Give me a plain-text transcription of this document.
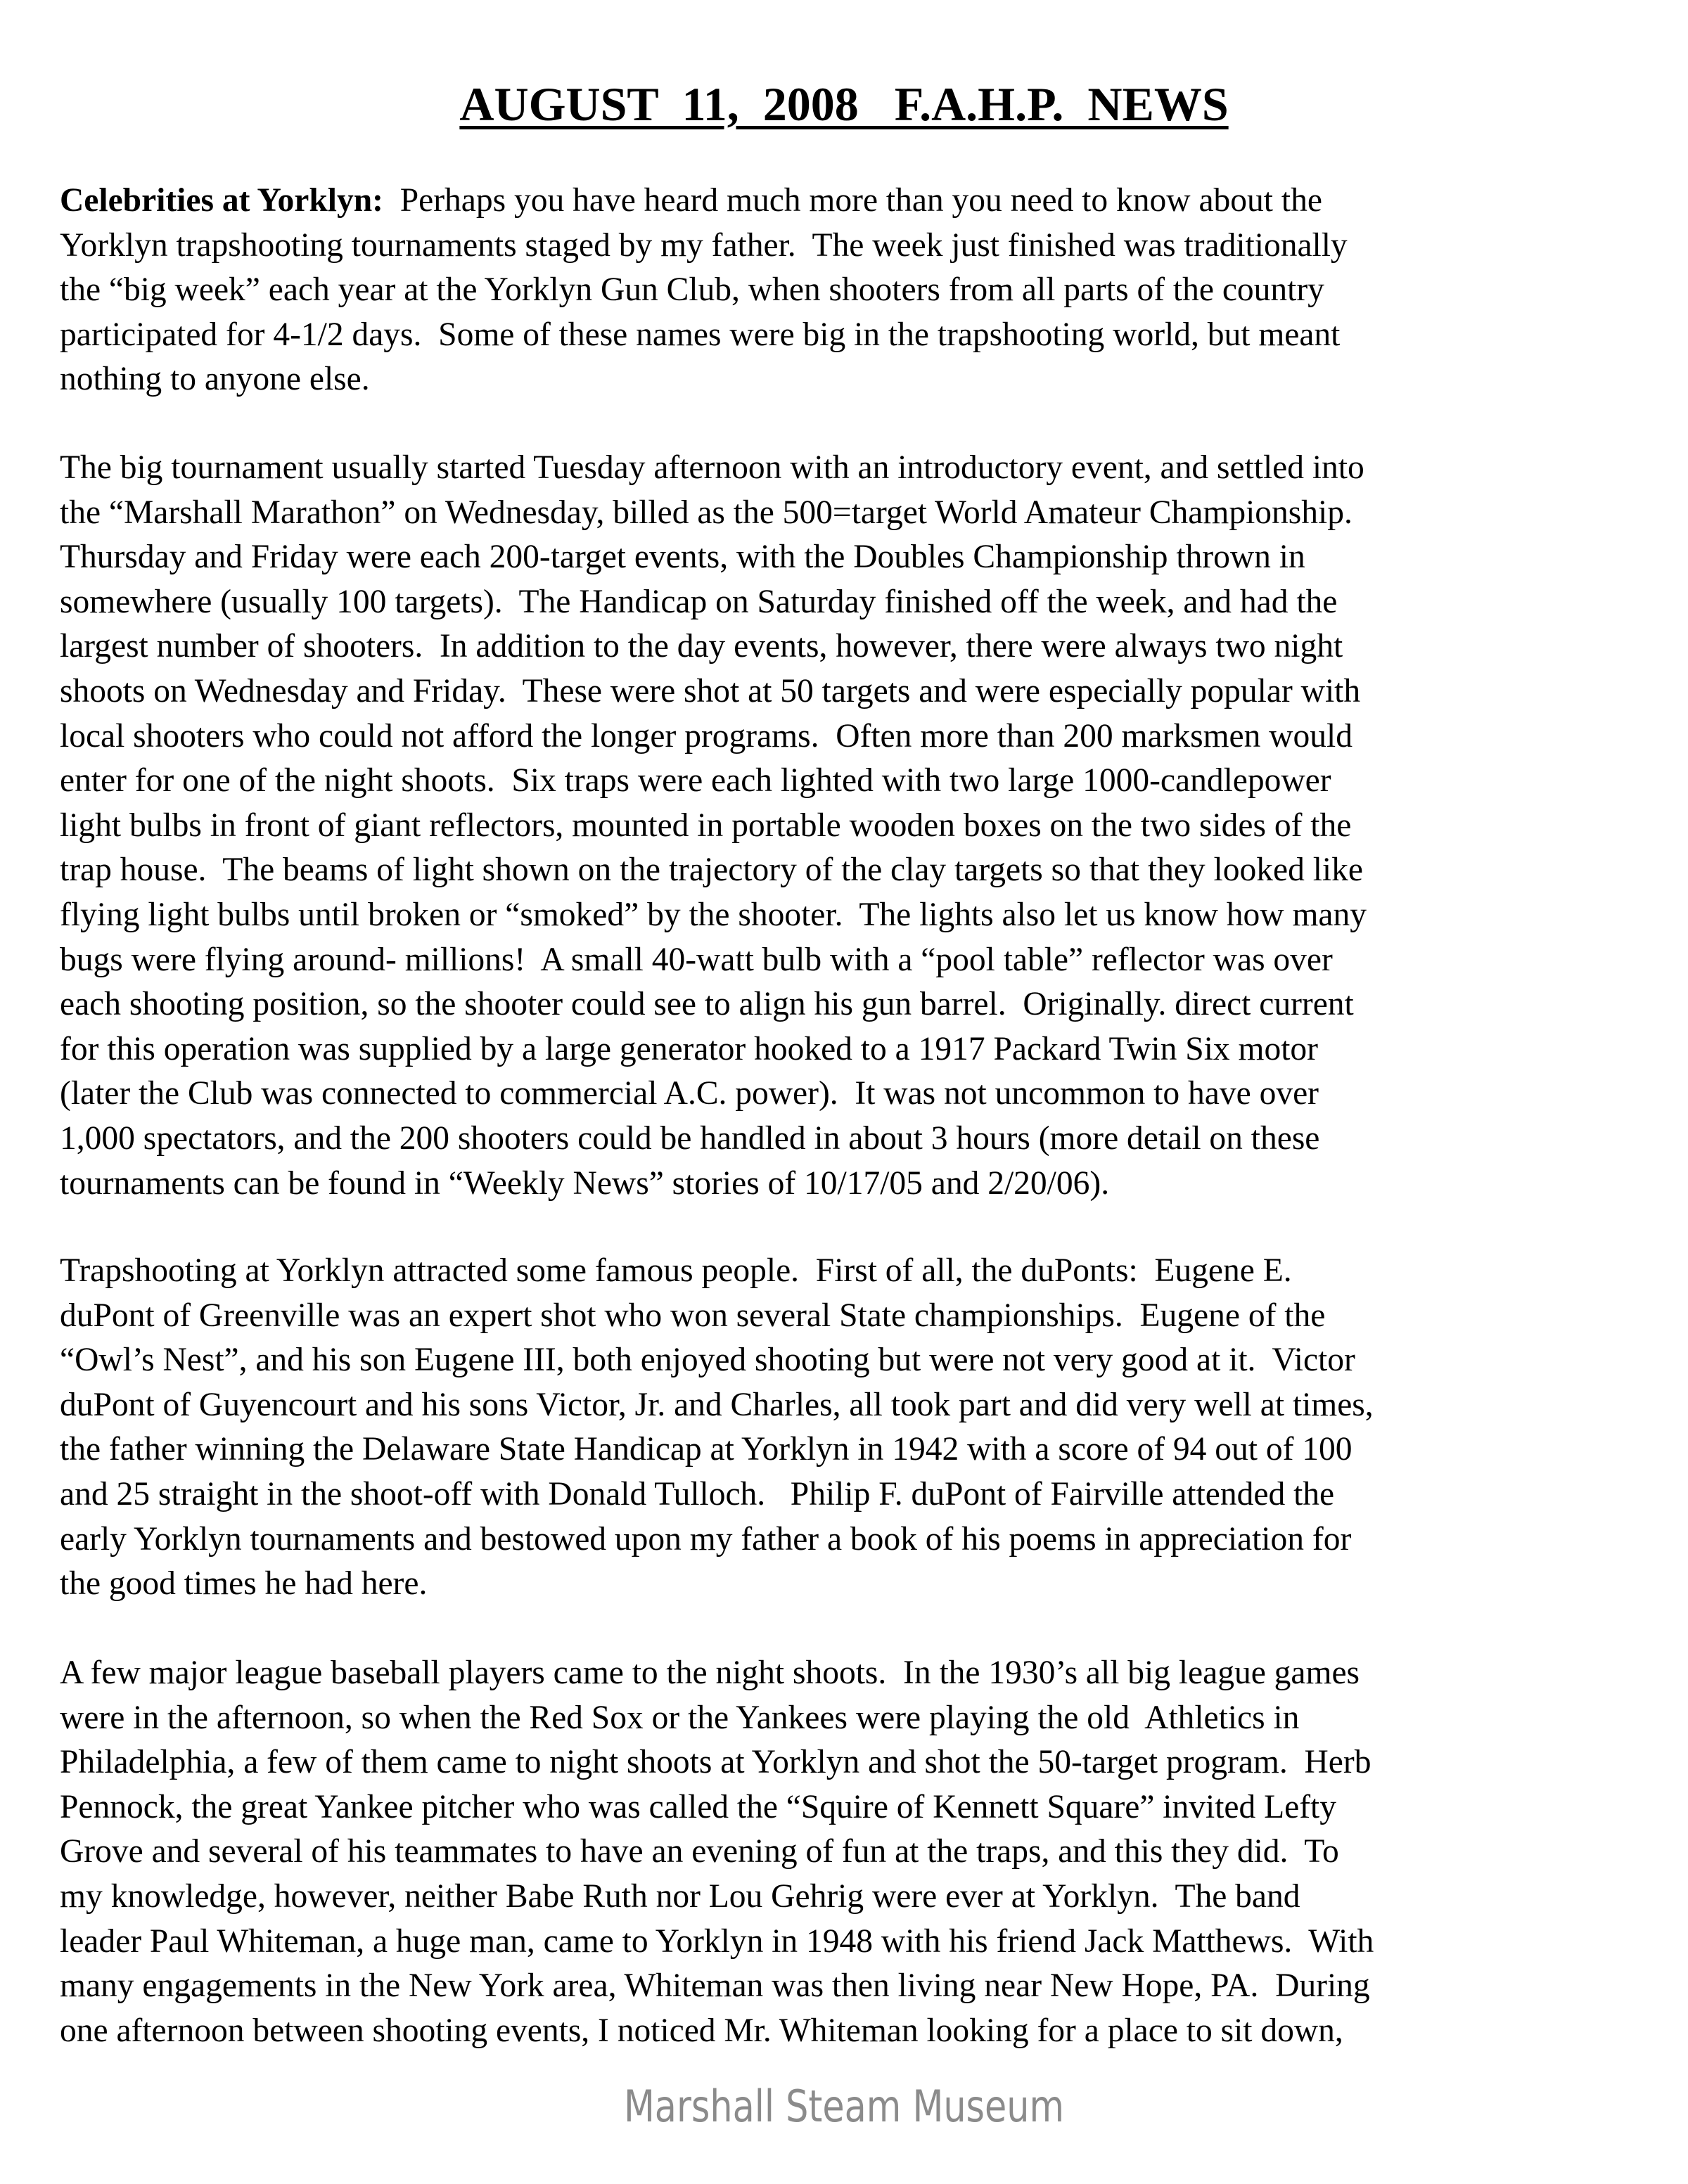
AUGUST  11,  2008   F.A.H.P.  NEWS
Celebrities at Yorklyn:  Perhaps you have heard much more than you need to know about the
Yorklyn trapshooting tournaments staged by my father.  The week just finished was traditionally
the “big week” each year at the Yorklyn Gun Club, when shooters from all parts of the country
participated for 4-1/2 days.  Some of these names were big in the trapshooting world, but meant
nothing to anyone else.
The big tournament usually started Tuesday afternoon with an introductory event, and settled into
the “Marshall Marathon” on Wednesday, billed as the 500=target World Amateur Championship.
Thursday and Friday were each 200-target events, with the Doubles Championship thrown in
somewhere (usually 100 targets).  The Handicap on Saturday finished off the week, and had the
largest number of shooters.  In addition to the day events, however, there were always two night
shoots on Wednesday and Friday.  These were shot at 50 targets and were especially popular with
local shooters who could not afford the longer programs.  Often more than 200 marksmen would
enter for one of the night shoots.  Six traps were each lighted with two large 1000-candlepower
light bulbs in front of giant reflectors, mounted in portable wooden boxes on the two sides of the
trap house.  The beams of light shown on the trajectory of the clay targets so that they looked like
flying light bulbs until broken or “smoked” by the shooter.  The lights also let us know how many
bugs were flying around- millions!  A small 40-watt bulb with a “pool table” reflector was over
each shooting position, so the shooter could see to align his gun barrel.  Originally. direct current
for this operation was supplied by a large generator hooked to a 1917 Packard Twin Six motor
(later the Club was connected to commercial A.C. power).  It was not uncommon to have over
1,000 spectators, and the 200 shooters could be handled in about 3 hours (more detail on these
tournaments can be found in “Weekly News” stories of 10/17/05 and 2/20/06).
Trapshooting at Yorklyn attracted some famous people.  First of all, the duPonts:  Eugene E.
duPont of Greenville was an expert shot who won several State championships.  Eugene of the
“Owl’s Nest”, and his son Eugene III, both enjoyed shooting but were not very good at it.  Victor
duPont of Guyencourt and his sons Victor, Jr. and Charles, all took part and did very well at times,
the father winning the Delaware State Handicap at Yorklyn in 1942 with a score of 94 out of 100
and 25 straight in the shoot-off with Donald Tulloch.   Philip F. duPont of Fairville attended the
early Yorklyn tournaments and bestowed upon my father a book of his poems in appreciation for
the good times he had here.
A few major league baseball players came to the night shoots.  In the 1930’s all big league games
were in the afternoon, so when the Red Sox or the Yankees were playing the old  Athletics in
Philadelphia, a few of them came to night shoots at Yorklyn and shot the 50-target program.  Herb
Pennock, the great Yankee pitcher who was called the “Squire of Kennett Square” invited Lefty
Grove and several of his teammates to have an evening of fun at the traps, and this they did.  To
my knowledge, however, neither Babe Ruth nor Lou Gehrig were ever at Yorklyn.  The band
leader Paul Whiteman, a huge man, came to Yorklyn in 1948 with his friend Jack Matthews.  With
many engagements in the New York area, Whiteman was then living near New Hope, PA.  During
one afternoon between shooting events, I noticed Mr. Whiteman looking for a place to sit down,
Marshall Steam Museum
